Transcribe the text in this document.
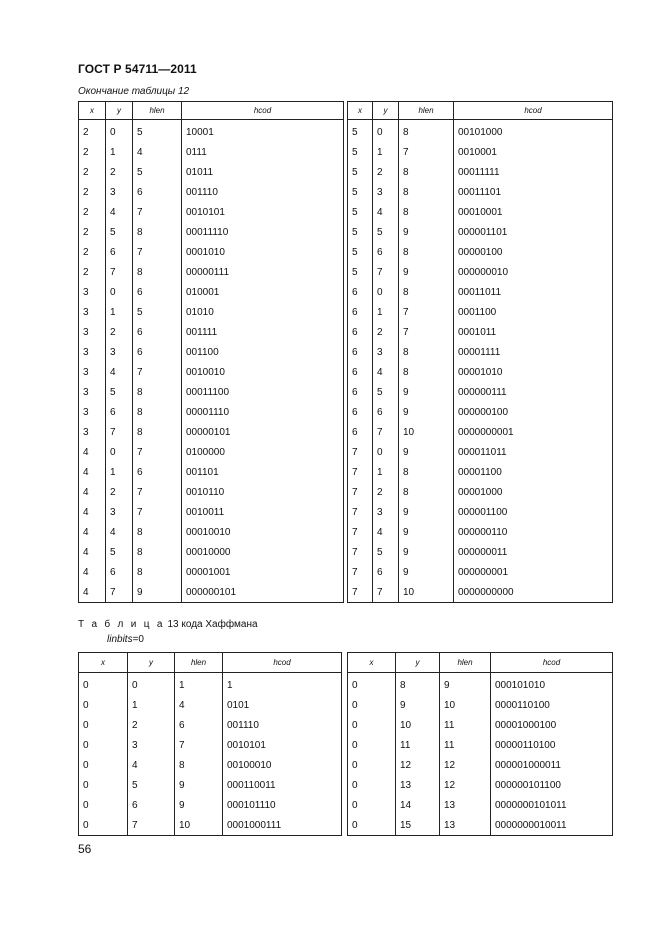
ГОСТ Р 54711—2011
Окончание таблицы 12
x	y	hlen	hcod
2	0	5	10001
2	1	4	0111
2	2	5	01011
2	3	6	001110
2	4	7	0010101
2	5	8	00011110
2	6	7	0001010
2	7	8	00000111
3	0	6	010001
3	1	5	01010
3	2	6	001111
3	3	6	001100
3	4	7	0010010
3	5	8	00011100
3	6	8	00001110
3	7	8	00000101
4	0	7	0100000
4	1	6	001101
4	2	7	0010110
4	3	7	0010011
4	4	8	00010010
4	5	8	00010000
4	6	8	00001001
4	7	9	000000101
x	y	hlen	hcod
5	0	8	00101000
5	1	7	0010001
5	2	8	00011111
5	3	8	00011101
5	4	8	00010001
5	5	9	000001101
5	6	8	00000100
5	7	9	000000010
6	0	8	00011011
6	1	7	0001100
6	2	7	0001011
6	3	8	00001111
6	4	8	00001010
6	5	9	000000111
6	6	9	000000100
6	7	10	0000000001
7	0	9	000011011
7	1	8	00001100
7	2	8	00001000
7	3	9	000001100
7	4	9	000000110
7	5	9	000000011
7	6	9	000000001
7	7	10	0000000000
Т а б л и ц а 13 кода Хаффмана
linbits=0
x	y	hlen	hcod
0	0	1	1
0	1	4	0101
0	2	6	001110
0	3	7	0010101
0	4	8	00100010
0	5	9	000110011
0	6	9	000101110
0	7	10	0001000111
x	y	hlen	hcod
0	8	9	000101010
0	9	10	0000110100
0	10	11	00001000100
0	11	11	00000110100
0	12	12	000001000011
0	13	12	000000101100
0	14	13	0000000101011
0	15	13	0000000010011
56
